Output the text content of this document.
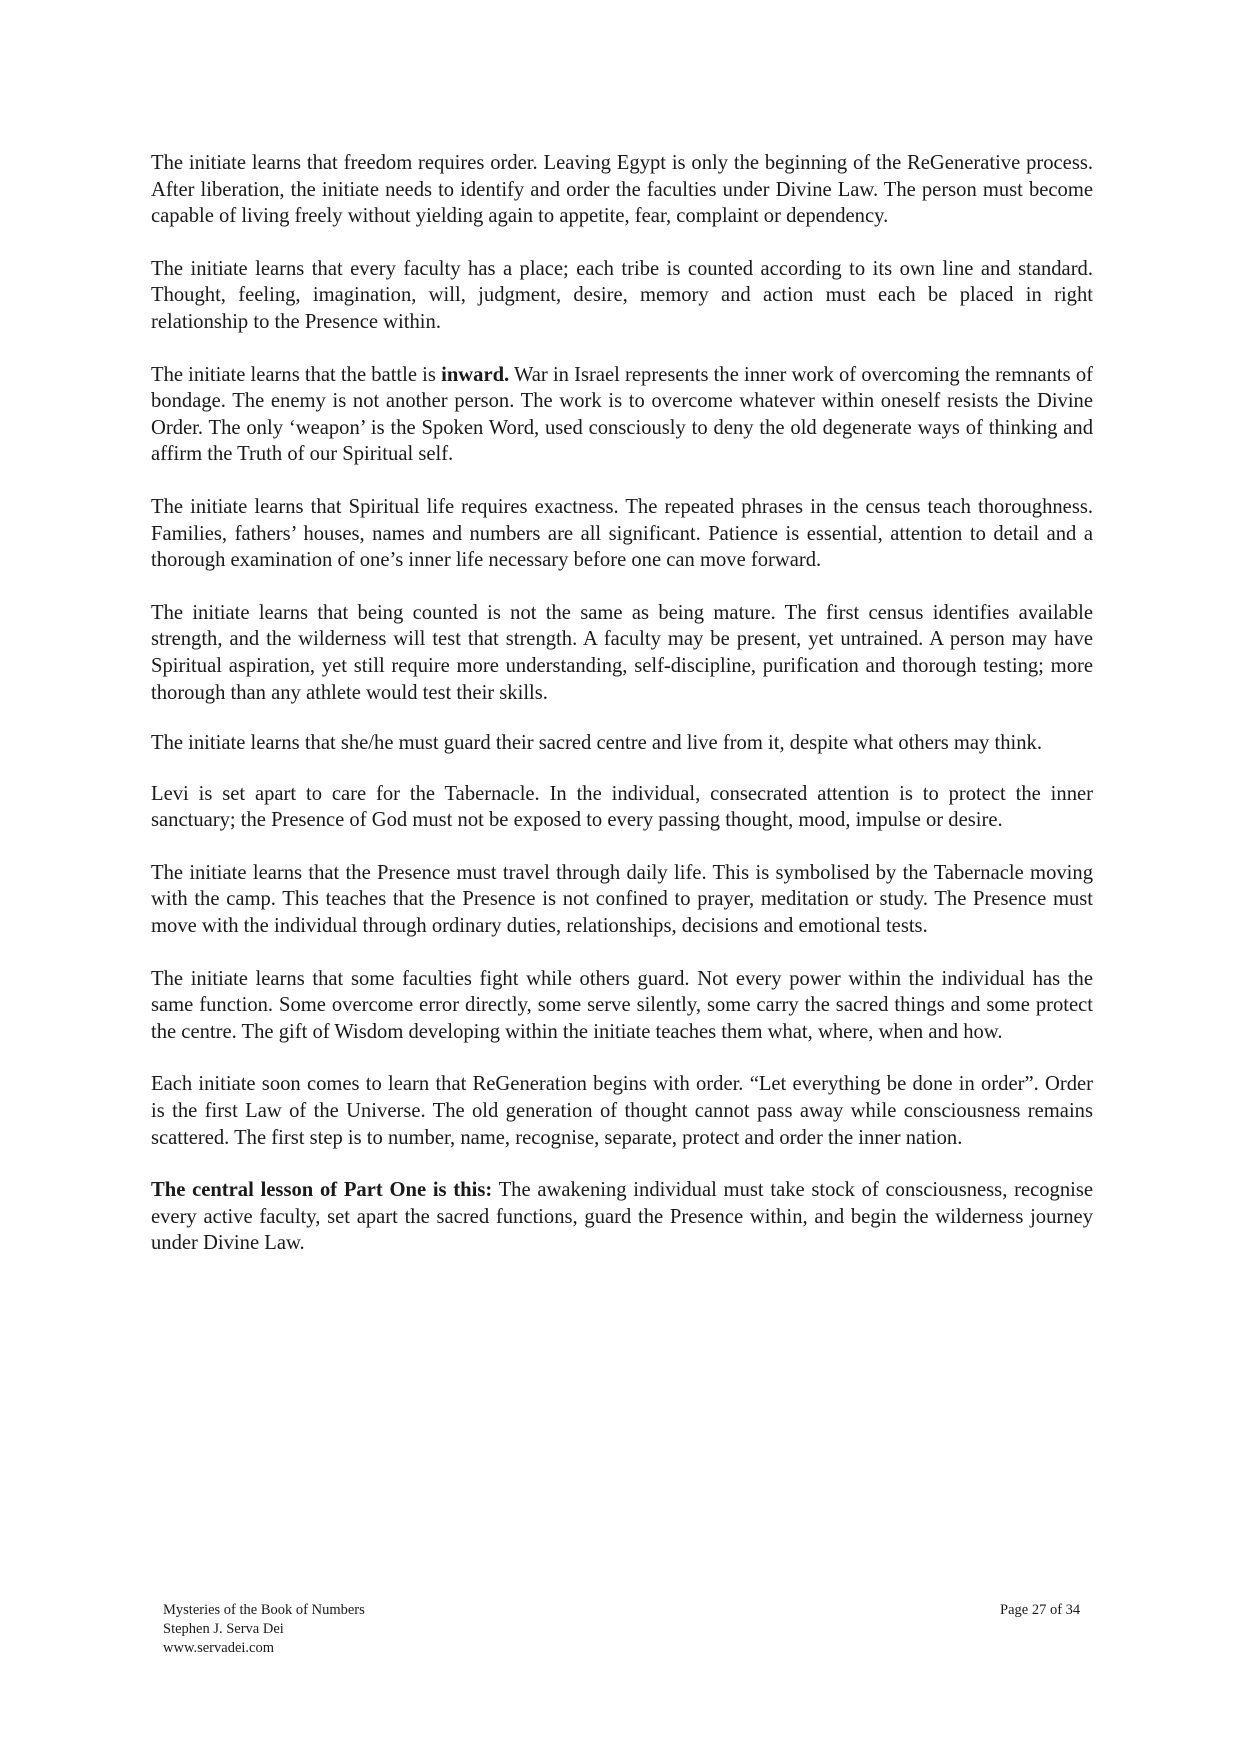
The initiate learns that freedom requires order. Leaving Egypt is only the beginning of the ReGenerative process. After liberation, the initiate needs to identify and order the faculties under Divine Law. The person must become capable of living freely without yielding again to appetite, fear, complaint or dependency.

The initiate learns that every faculty has a place; each tribe is counted according to its own line and standard. Thought, feeling, imagination, will, judgment, desire, memory and action must each be placed in right relationship to the Presence within.

The initiate learns that the battle is inward. War in Israel represents the inner work of overcoming the remnants of bondage. The enemy is not another person. The work is to overcome whatever within oneself resists the Divine Order. The only ‘weapon’ is the Spoken Word, used consciously to deny the old degenerate ways of thinking and affirm the Truth of our Spiritual self.

The initiate learns that Spiritual life requires exactness. The repeated phrases in the census teach thoroughness. Families, fathers’ houses, names and numbers are all significant. Patience is essential, attention to detail and a thorough examination of one’s inner life necessary before one can move forward.

The initiate learns that being counted is not the same as being mature. The first census identifies available strength, and the wilderness will test that strength. A faculty may be present, yet untrained. A person may have Spiritual aspiration, yet still require more understanding, self-discipline, purification and thorough testing; more thorough than any athlete would test their skills.

The initiate learns that she/he must guard their sacred centre and live from it, despite what others may think.

Levi is set apart to care for the Tabernacle. In the individual, consecrated attention is to protect the inner sanctuary; the Presence of God must not be exposed to every passing thought, mood, impulse or desire.

The initiate learns that the Presence must travel through daily life. This is symbolised by the Tabernacle moving with the camp. This teaches that the Presence is not confined to prayer, meditation or study. The Presence must move with the individual through ordinary duties, relationships, decisions and emotional tests.

The initiate learns that some faculties fight while others guard. Not every power within the individual has the same function. Some overcome error directly, some serve silently, some carry the sacred things and some protect the centre. The gift of Wisdom developing within the initiate teaches them what, where, when and how.

Each initiate soon comes to learn that ReGeneration begins with order. “Let everything be done in order”. Order is the first Law of the Universe. The old generation of thought cannot pass away while consciousness remains scattered. The first step is to number, name, recognise, separate, protect and order the inner nation.

The central lesson of Part One is this: The awakening individual must take stock of consciousness, recognise every active faculty, set apart the sacred functions, guard the Presence within, and begin the wilderness journey under Divine Law.

Mysteries of the Book of Numbers
Stephen J. Serva Dei
www.servadei.com
Page 27 of 34
